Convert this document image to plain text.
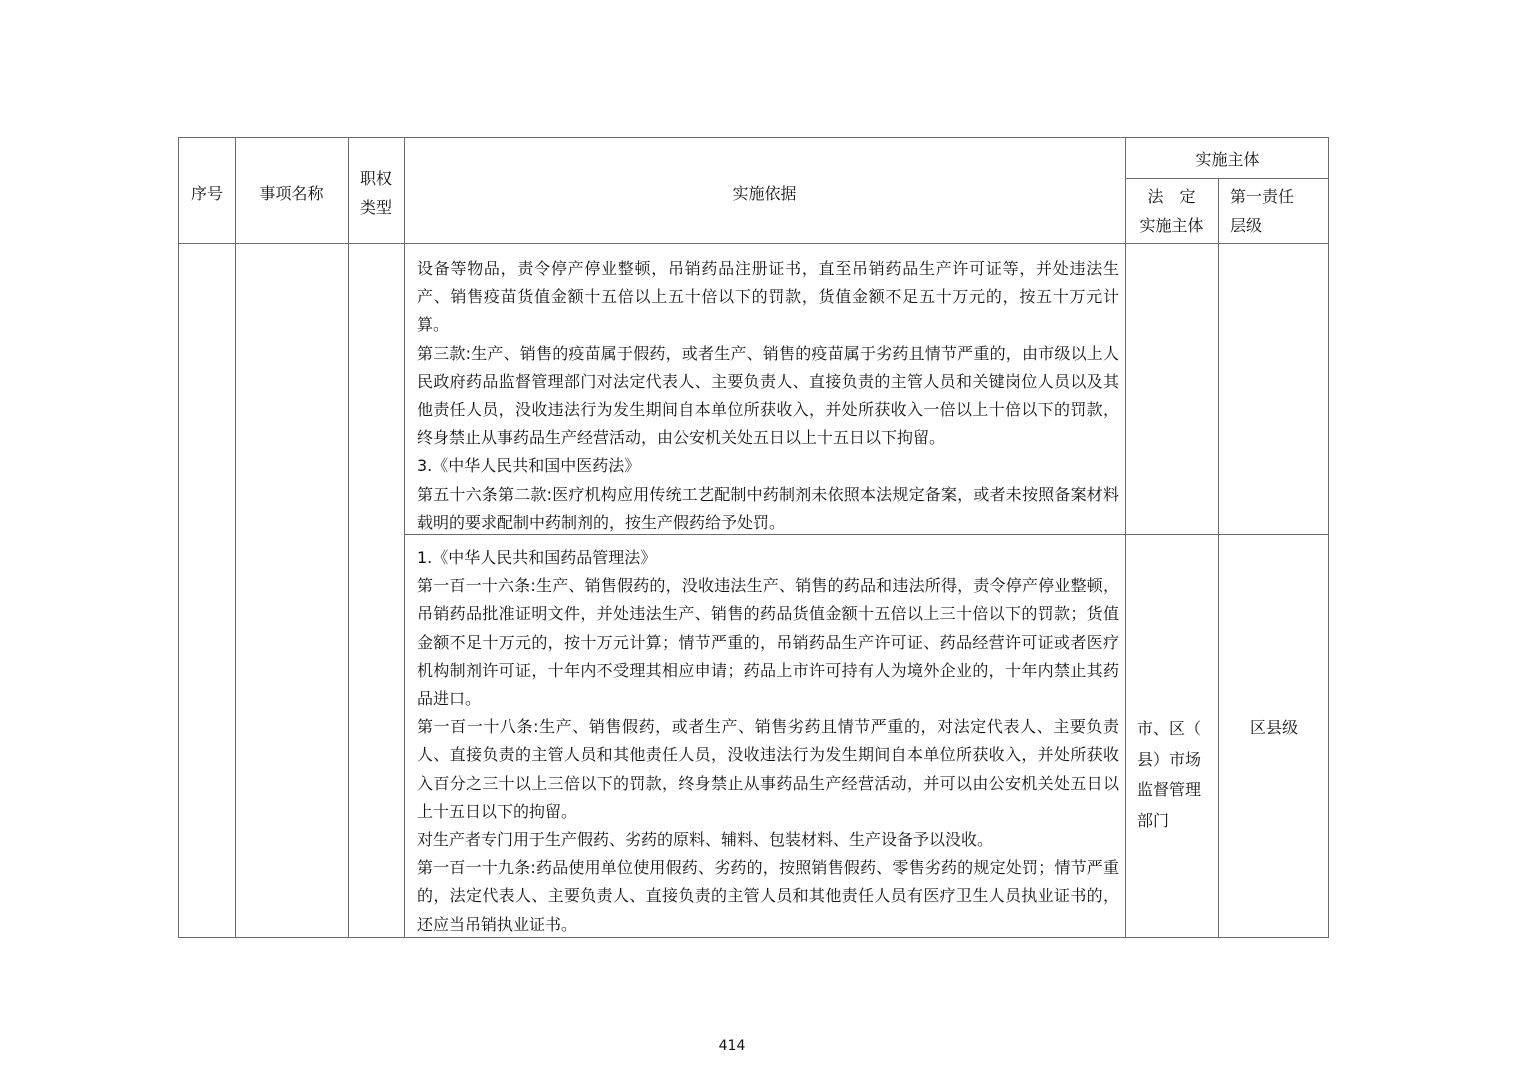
序号	事项名称
职权
类型
实施依据
实施主体
法　定
实施主体
第一责任
层级

设备等物品，责令停产停业整顿，吊销药品注册证书，直至吊销药品生产许可证等，并处违法生产、销售疫苗货值金额十五倍以上五十倍以下的罚款，货值金额不足五十万元的，按五十万元计算。

第三款:生产、销售的疫苗属于假药，或者生产、销售的疫苗属于劣药且情节严重的，由市级以上人民政府药品监督管理部门对法定代表人、主要负责人、直接负责的主管人员和关键岗位人员以及其他责任人员，没收违法行为发生期间自本单位所获收入，并处所获收入一倍以上十倍以下的罚款，终身禁止从事药品生产经营活动，由公安机关处五日以上十五日以下拘留。

3.《中华人民共和国中医药法》

第五十六条第二款:医疗机构应用传统工艺配制中药制剂未依照本法规定备案，或者未按照备案材料载明的要求配制中药制剂的，按生产假药给予处罚。

1.《中华人民共和国药品管理法》

第一百一十六条:生产、销售假药的，没收违法生产、销售的药品和违法所得，责令停产停业整顿，吊销药品批准证明文件，并处违法生产、销售的药品货值金额十五倍以上三十倍以下的罚款；货值金额不足十万元的，按十万元计算；情节严重的，吊销药品生产许可证、药品经营许可证或者医疗机构制剂许可证，十年内不受理其相应申请；药品上市许可持有人为境外企业的，十年内禁止其药品进口。

第一百一十八条:生产、销售假药，或者生产、销售劣药且情节严重的，对法定代表人、主要负责人、直接负责的主管人员和其他责任人员，没收违法行为发生期间自本单位所获收入，并处所获收入百分之三十以上三倍以下的罚款，终身禁止从事药品生产经营活动，并可以由公安机关处五日以上十五日以下的拘留。

对生产者专门用于生产假药、劣药的原料、辅料、包装材料、生产设备予以没收。

第一百一十九条:药品使用单位使用假药、劣药的，按照销售假药、零售劣药的规定处罚；情节严重的，法定代表人、主要负责人、直接负责的主管人员和其他责任人员有医疗卫生人员执业证书的，还应当吊销执业证书。

市、区（
县）市场
监督管理
部门
区县级
414
